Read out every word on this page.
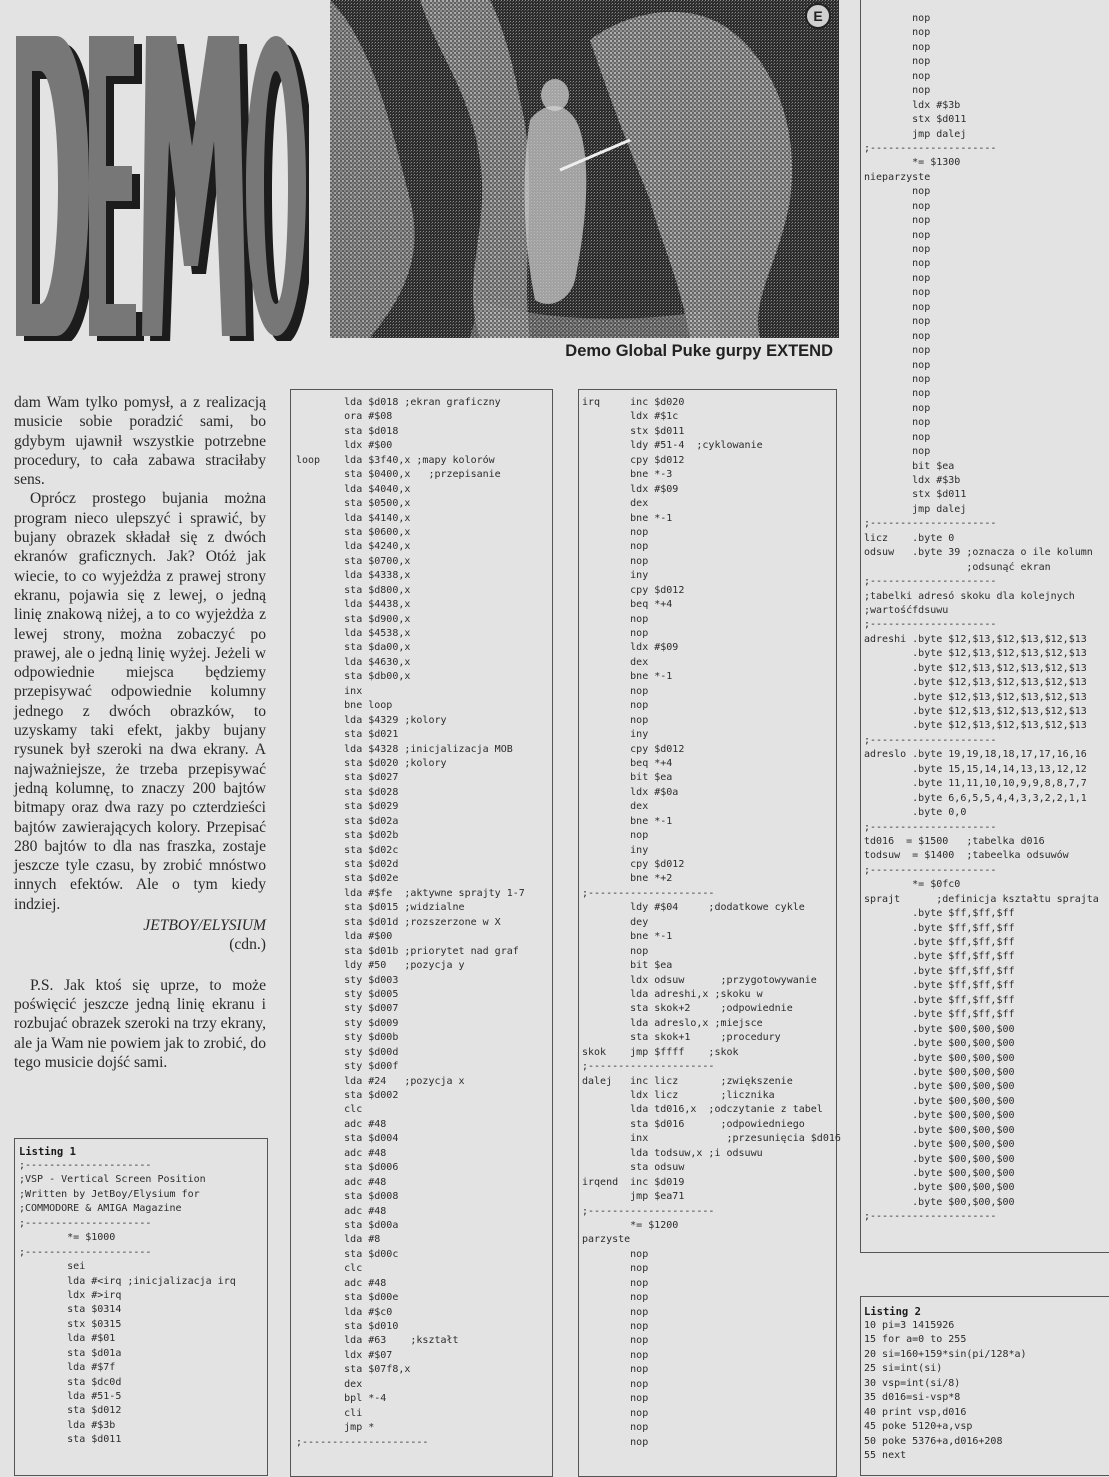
E
Demo Global Puke gurpy EXTEND

dam Wam tylko pomysł, a z realizacją musicie sobie poradzić sami, bo gdybym ujawnił wszystkie potrzebne procedury, to cała zabawa straciłaby sens.

Oprócz prostego bujania można program nieco ulepszyć i sprawić, by bujany obrazek składał się z dwóch ekranów graficznych. Jak? Otóż jak wiecie, to co wyjeżdża z prawej strony ekranu, pojawia się z lewej, o jedną linię znakową niżej, a to co wyjeżdża z lewej strony, można zobaczyć po prawej, ale o jedną linię wyżej. Jeżeli w odpowiednie miejsca będziemy przepisywać odpowiednie kolumny jednego z dwóch obrazków, to uzyskamy taki efekt, jakby bujany rysunek był szeroki na dwa ekrany. A najważniejsze, że trzeba przepisywać jedną kolumnę, to znaczy 200 bajtów bitmapy oraz dwa razy po czterdzieści bajtów zawierających kolory. Przepisać 280 bajtów to dla nas fraszka, zostaje jeszcze tyle czasu, by zrobić mnóstwo innych efektów. Ale o tym kiedy indziej.

JETBOY/ELYSIUM

(cdn.)

P.S. Jak ktoś się uprze, to może poświęcić jeszcze jedną linię ekranu i rozbujać obrazek szeroki na trzy ekrany, ale ja Wam nie powiem jak to zrobić, do tego musicie dojść sami.

Listing 1
;---------------------
;VSP - Vertical Screen Position
;Written by JetBoy/Elysium for
;COMMODORE & AMIGA Magazine
;---------------------
*= $1000
;---------------------
sei
lda #<irq ;inicjalizacja irq
ldx #>irq
sta $0314
stx $0315
lda #$01
sta $d01a
lda #$7f
sta $dc0d
lda #51-5
sta $d012
lda #$3b
sta $d011
lda $d018 ;ekran graficzny
ora #$08
sta $d018
ldx #$00
loop    lda $3f40,x ;mapy kolorów
sta $0400,x   ;przepisanie
lda $4040,x
sta $0500,x
lda $4140,x
sta $0600,x
lda $4240,x
sta $0700,x
lda $4338,x
sta $d800,x
lda $4438,x
sta $d900,x
lda $4538,x
sta $da00,x
lda $4630,x
sta $db00,x
inx
bne loop
lda $4329 ;kolory
sta $d021
lda $4328 ;inicjalizacja MOB
sta $d020 ;kolory
sta $d027
sta $d028
sta $d029
sta $d02a
sta $d02b
sta $d02c
sta $d02d
sta $d02e
lda #$fe  ;aktywne sprajty 1-7
sta $d015 ;widzialne
sta $d01d ;rozszerzone w X
lda #$00
sta $d01b ;priorytet nad graf
ldy #50   ;pozycja y
sty $d003
sty $d005
sty $d007
sty $d009
sty $d00b
sty $d00d
sty $d00f
lda #24   ;pozycja x
sta $d002
clc
adc #48
sta $d004
adc #48
sta $d006
adc #48
sta $d008
adc #48
sta $d00a
lda #8
sta $d00c
clc
adc #48
sta $d00e
lda #$c0
sta $d010
lda #63    ;kształt
ldx #$07
sta $07f8,x
dex
bpl *-4
cli
jmp *
;---------------------
irq     inc $d020
ldx #$1c
stx $d011
ldy #51-4  ;cyklowanie
cpy $d012
bne *-3
ldx #$09
dex
bne *-1
nop
nop
nop
iny
cpy $d012
beq *+4
nop
nop
ldx #$09
dex
bne *-1
nop
nop
nop
iny
cpy $d012
beq *+4
bit $ea
ldx #$0a
dex
bne *-1
nop
iny
cpy $d012
bne *+2
;---------------------
ldy #$04     ;dodatkowe cykle
dey
bne *-1
nop
bit $ea
ldx odsuw      ;przygotowywanie
lda adreshi,x ;skoku w
sta skok+2     ;odpowiednie
lda adreslo,x ;miejsce
sta skok+1     ;procedury
skok    jmp $ffff    ;skok
;---------------------
dalej   inc licz       ;zwiększenie
ldx licz       ;licznika
lda td016,x  ;odczytanie z tabel
sta $d016      ;odpowiedniego
inx             ;przesunięcia $d016
lda todsuw,x ;i odsuwu
sta odsuw
irqend  inc $d019
jmp $ea71
;---------------------
*= $1200
parzyste
nop
nop
nop
nop
nop
nop
nop
nop
nop
nop
nop
nop
nop
nop
nop
nop
nop
nop
nop
nop
ldx #$3b
stx $d011
jmp dalej
;---------------------
*= $1300
nieparzyste
nop
nop
nop
nop
nop
nop
nop
nop
nop
nop
nop
nop
nop
nop
nop
nop
nop
nop
nop
bit $ea
ldx #$3b
stx $d011
jmp dalej
;---------------------
licz    .byte 0
odsuw   .byte 39 ;oznacza o ile kolumn
;odsunąć ekran
;---------------------
;tabelki adresó skoku dla kolejnych
;wartośćfdsuwu
;---------------------
adreshi .byte $12,$13,$12,$13,$12,$13
.byte $12,$13,$12,$13,$12,$13
.byte $12,$13,$12,$13,$12,$13
.byte $12,$13,$12,$13,$12,$13
.byte $12,$13,$12,$13,$12,$13
.byte $12,$13,$12,$13,$12,$13
.byte $12,$13,$12,$13,$12,$13
;---------------------
adreslo .byte 19,19,18,18,17,17,16,16
.byte 15,15,14,14,13,13,12,12
.byte 11,11,10,10,9,9,8,8,7,7
.byte 6,6,5,5,4,4,3,3,2,2,1,1
.byte 0,0
;---------------------
td016  = $1500   ;tabelka d016
todsuw  = $1400  ;tabeelka odsuwów
;---------------------
*= $0fc0
sprajt      ;definicja kształtu sprajta
.byte $ff,$ff,$ff
.byte $ff,$ff,$ff
.byte $ff,$ff,$ff
.byte $ff,$ff,$ff
.byte $ff,$ff,$ff
.byte $ff,$ff,$ff
.byte $ff,$ff,$ff
.byte $ff,$ff,$ff
.byte $00,$00,$00
.byte $00,$00,$00
.byte $00,$00,$00
.byte $00,$00,$00
.byte $00,$00,$00
.byte $00,$00,$00
.byte $00,$00,$00
.byte $00,$00,$00
.byte $00,$00,$00
.byte $00,$00,$00
.byte $00,$00,$00
.byte $00,$00,$00
.byte $00,$00,$00
;---------------------
Listing 2
10 pi=3 1415926
15 for a=0 to 255
20 si=160+159*sin(pi/128*a)
25 si=int(si)
30 vsp=int(si/8)
35 d016=si-vsp*8
40 print vsp,d016
45 poke 5120+a,vsp
50 poke 5376+a,d016+208
55 next
